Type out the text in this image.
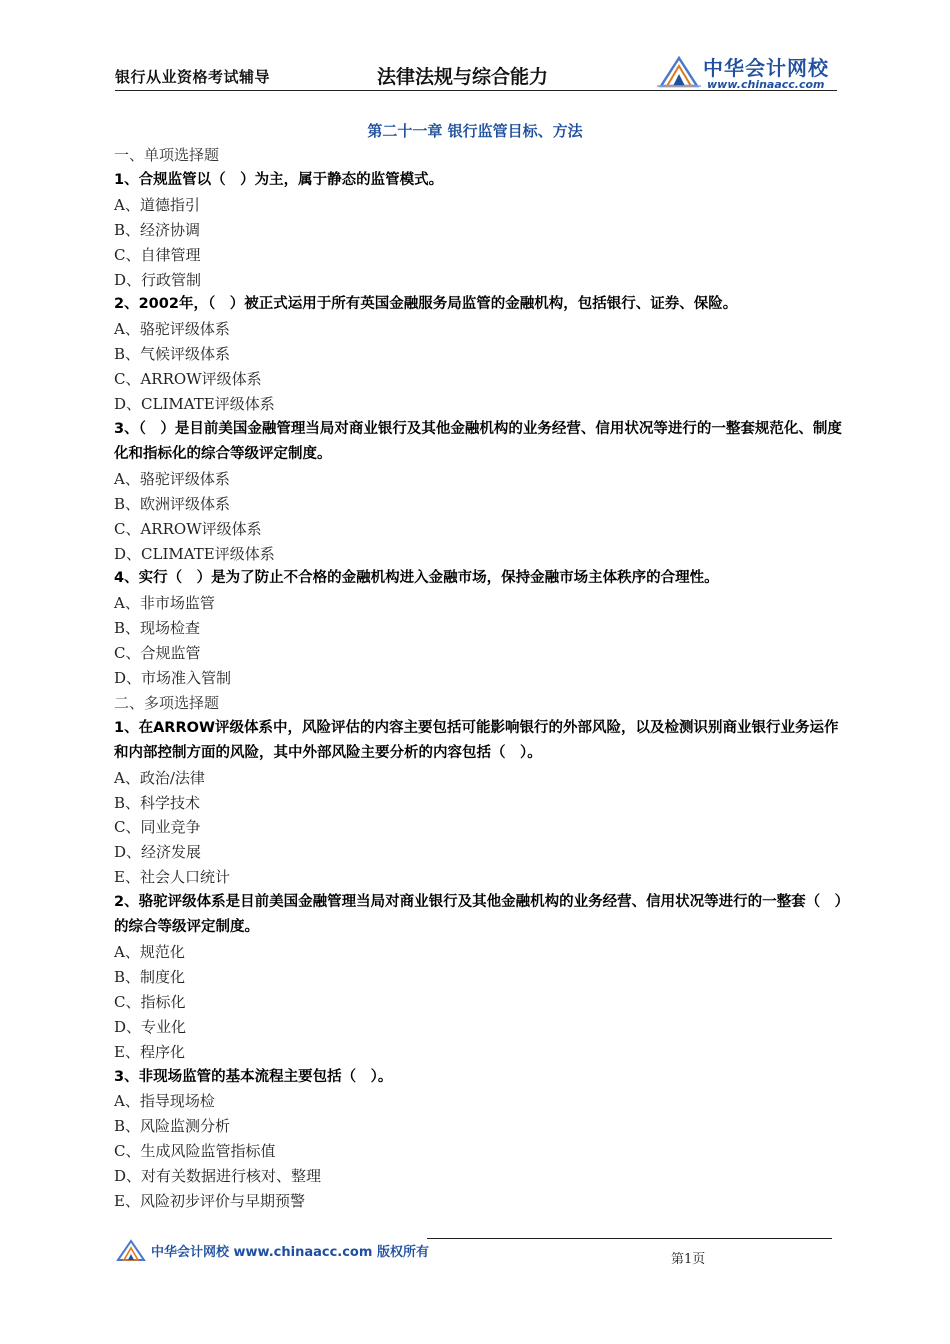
银行从业资格考试辅导	法律法规与综合能力	中华会计网校
www.chinaacc.com
第二十一章 银行监管目标、方法
一、单项选择题
1、合规监管以（　）为主，属于静态的监管模式。
A、道德指引
B、经济协调
C、自律管理
D、行政管制
2、2002年，（　）被正式运用于所有英国金融服务局监管的金融机构，包括银行、证券、保险。
A、骆驼评级体系
B、气候评级体系
C、ARROW评级体系
D、CLIMATE评级体系
3、（　）是目前美国金融管理当局对商业银行及其他金融机构的业务经营、信用状况等进行的一整套规范化、制度化和指标化的综合等级评定制度。
A、骆驼评级体系
B、欧洲评级体系
C、ARROW评级体系
D、CLIMATE评级体系
4、实行（　）是为了防止不合格的金融机构进入金融市场，保持金融市场主体秩序的合理性。
A、非市场监管
B、现场检查
C、合规监管
D、市场准入管制
二、多项选择题
1、在ARROW评级体系中，风险评估的内容主要包括可能影响银行的外部风险，以及检测识别商业银行业务运作和内部控制方面的风险，其中外部风险主要分析的内容包括（　）。
A、政治/法律
B、科学技术
C、同业竞争
D、经济发展
E、社会人口统计
2、骆驼评级体系是目前美国金融管理当局对商业银行及其他金融机构的业务经营、信用状况等进行的一整套（　）的综合等级评定制度。
A、规范化
B、制度化
C、指标化
D、专业化
E、程序化
3、非现场监管的基本流程主要包括（　）。
A、指导现场检
B、风险监测分析
C、生成风险监管指标值
D、对有关数据进行核对、整理
E、风险初步评价与早期预警
中华会计网校 www.chinaacc.com 版权所有	第1页
